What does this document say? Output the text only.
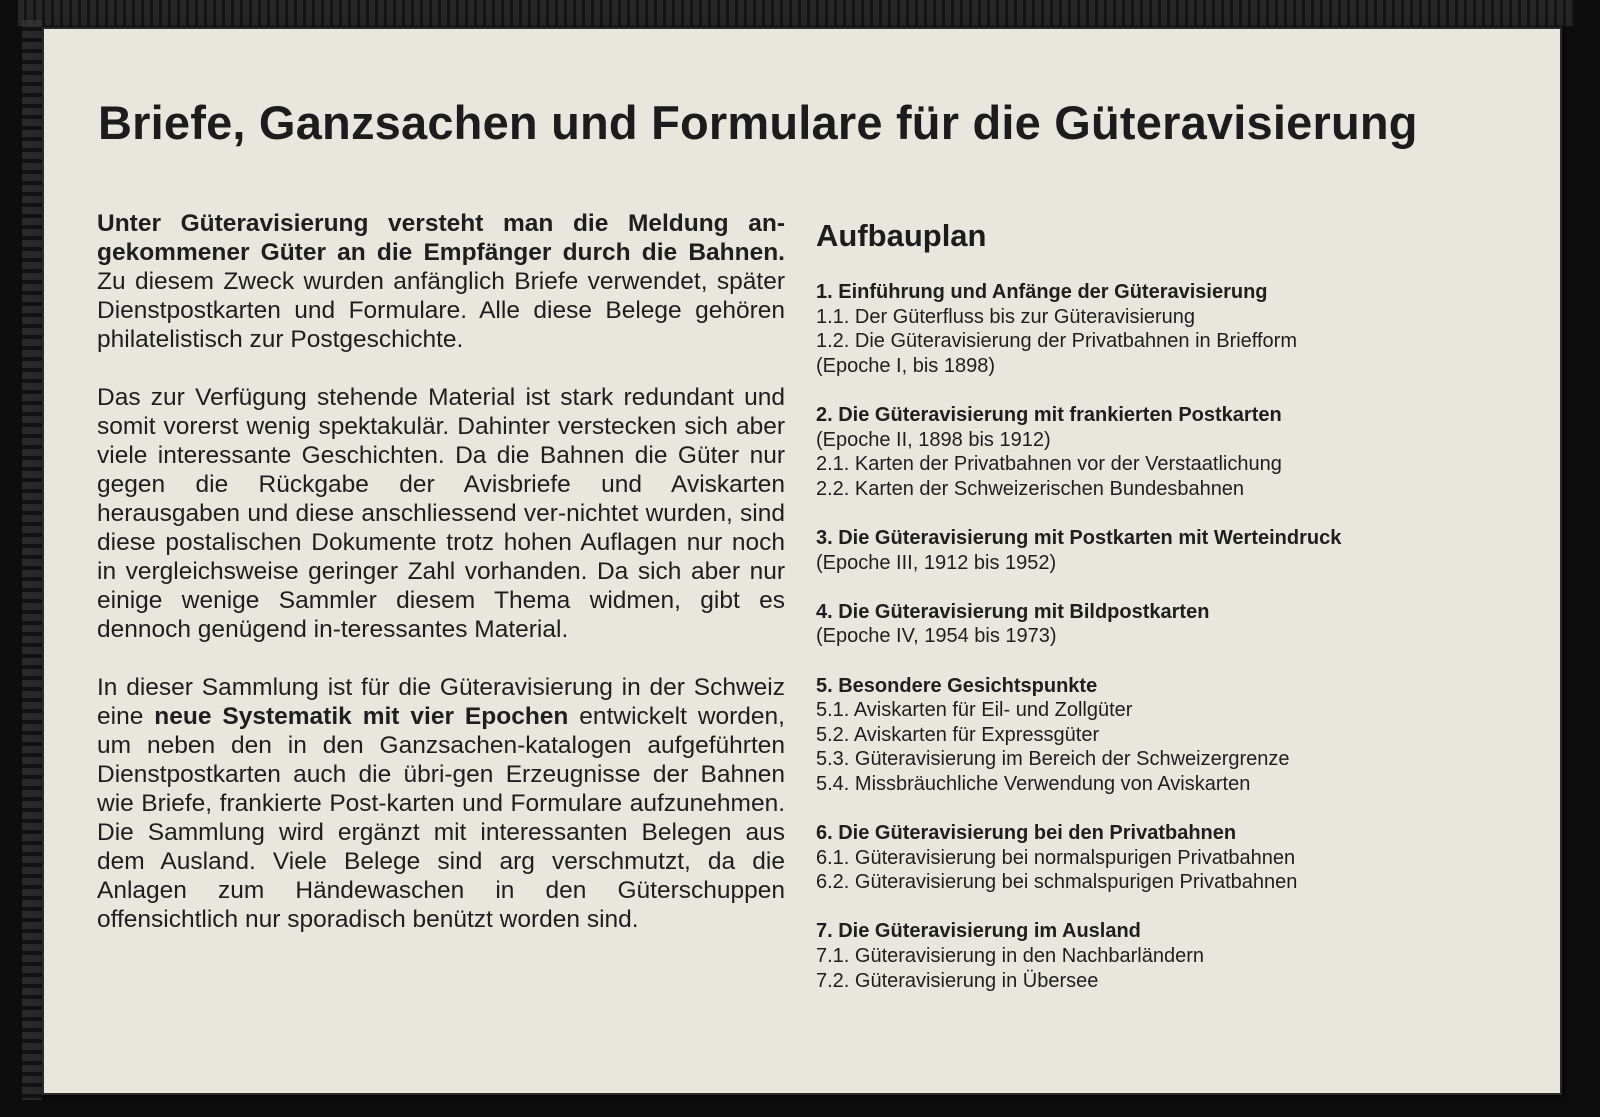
Briefe, Ganzsachen und Formulare für die Güteravisierung

Unter Güteravisierung versteht man die Meldung an-gekommener Güter an die Empfänger durch die Bahnen. Zu diesem Zweck wurden anfänglich Briefe verwendet, später Dienstpostkarten und Formulare. Alle diese Belege gehören philatelistisch zur Postgeschichte.

Das zur Verfügung stehende Material ist stark redundant und somit vorerst wenig spektakulär. Dahinter verstecken sich aber viele interessante Geschichten. Da die Bahnen die Güter nur gegen die Rückgabe der Avisbriefe und Aviskarten herausgaben und diese anschliessend ver-nichtet wurden, sind diese postalischen Dokumente trotz hohen Auflagen nur noch in vergleichsweise geringer Zahl vorhanden. Da sich aber nur einige wenige Sammler diesem Thema widmen, gibt es dennoch genügend in-teressantes Material.

In dieser Sammlung ist für die Güteravisierung in der Schweiz eine neue Systematik mit vier Epochen entwickelt worden, um neben den in den Ganzsachen-katalogen aufgeführten Dienstpostkarten auch die übri-gen Erzeugnisse der Bahnen wie Briefe, frankierte Post-karten und Formulare aufzunehmen. Die Sammlung wird ergänzt mit interessanten Belegen aus dem Ausland. Viele Belege sind arg verschmutzt, da die Anlagen zum Händewaschen in den Güterschuppen offensichtlich nur sporadisch benützt worden sind.

Aufbauplan
1. Einführung und Anfänge der Güteravisierung
1.1. Der Güterfluss bis zur Güteravisierung
1.2. Die Güteravisierung der Privatbahnen in Briefform
(Epoche I, bis 1898)
2. Die Güteravisierung mit frankierten Postkarten
(Epoche II, 1898 bis 1912)
2.1. Karten der Privatbahnen vor der Verstaatlichung
2.2. Karten der Schweizerischen Bundesbahnen
3. Die Güteravisierung mit Postkarten mit Werteindruck
(Epoche III, 1912 bis 1952)
4. Die Güteravisierung mit Bildpostkarten
(Epoche IV, 1954 bis 1973)
5. Besondere Gesichtspunkte
5.1. Aviskarten für Eil- und Zollgüter
5.2. Aviskarten für Expressgüter
5.3. Güteravisierung im Bereich der Schweizergrenze
5.4. Missbräuchliche Verwendung von Aviskarten
6. Die Güteravisierung bei den Privatbahnen
6.1. Güteravisierung bei normalspurigen Privatbahnen
6.2. Güteravisierung bei schmalspurigen Privatbahnen
7. Die Güteravisierung im Ausland
7.1. Güteravisierung in den Nachbarländern
7.2. Güteravisierung in Übersee
